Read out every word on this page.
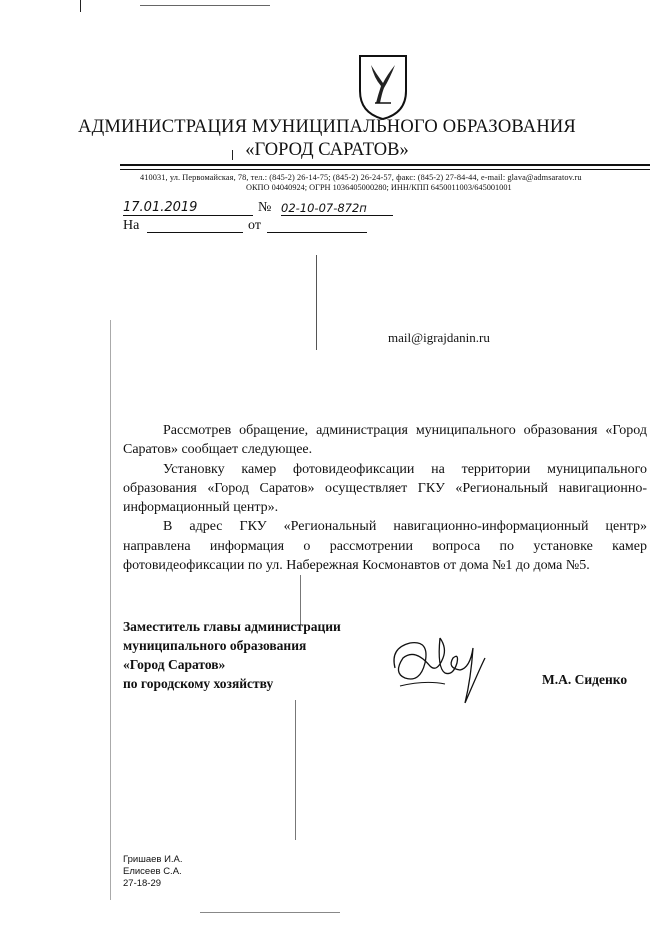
АДМИНИСТРАЦИЯ МУНИЦИПАЛЬНОГО ОБРАЗОВАНИЯ
«ГОРОД САРАТОВ»
410031, ул. Первомайская, 78, тел.: (845-2) 26-14-75; (845-2) 26-24-57, факс: (845-2) 27-84-44, e-mail: glava@admsaratov.ru
ОКПО 04040924; ОГРН 1036405000280; ИНН/КПП 6450011003/645001001
17.01.2019	№ 02-10-07-872п
На	от
mail@igrajdanin.ru

Рассмотрев обращение, администрация муниципального образования «Город Саратов» сообщает следующее.

Установку камер фотовидеофиксации на территории муниципального образования «Город Саратов» осуществляет ГКУ «Региональный навигационно-информационный центр».

В адрес ГКУ «Региональный навигационно-информационный центр» направлена информация о рассмотрении вопроса по установке камер фотовидеофиксации по ул. Набережная Космонавтов от дома №1 до дома №5.

Заместитель главы администрации
муниципального образования
«Город Саратов»
по городскому хозяйству	М.А. Сиденко
Гришаев И.А.
Елисеев С.А.
27-18-29
